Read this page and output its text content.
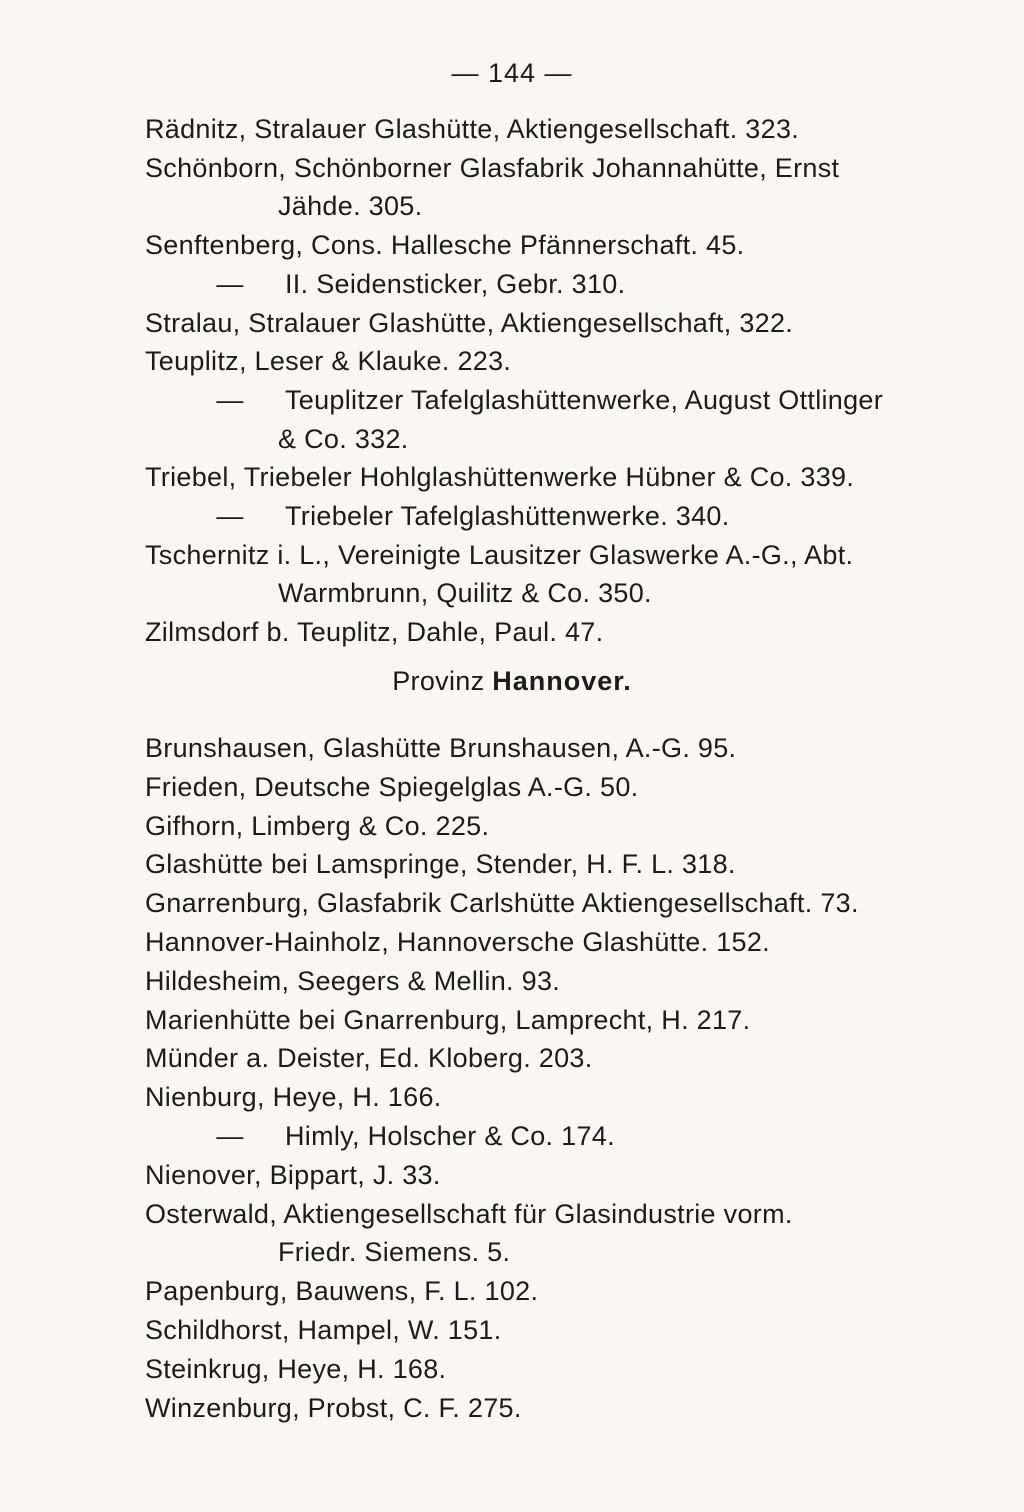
— 144 —
Rädnitz, Stralauer Glashütte, Aktiengesellschaft. 323.
Schönborn, Schönborner Glasfabrik Johannahütte, Ernst
Jähde. 305.
Senftenberg, Cons. Hallesche Pfännerschaft. 45.
— II. Seidensticker, Gebr. 310.
Stralau, Stralauer Glashütte, Aktiengesellschaft, 322.
Teuplitz, Leser & Klauke. 223.
— Teuplitzer Tafelglashüttenwerke, August Ottlinger
& Co. 332.
Triebel, Triebeler Hohlglashüttenwerke Hübner & Co. 339.
— Triebeler Tafelglashüttenwerke. 340.
Tschernitz i. L., Vereinigte Lausitzer Glaswerke A.-G., Abt.
Warmbrunn, Quilitz & Co. 350.
Zilmsdorf b. Teuplitz, Dahle, Paul. 47.
Provinz Hannover.
Brunshausen, Glashütte Brunshausen, A.-G. 95.
Frieden, Deutsche Spiegelglas A.-G. 50.
Gifhorn, Limberg & Co. 225.
Glashütte bei Lamspringe, Stender, H. F. L. 318.
Gnarrenburg, Glasfabrik Carlshütte Aktiengesellschaft. 73.
Hannover-Hainholz, Hannoversche Glashütte. 152.
Hildesheim, Seegers & Mellin. 93.
Marienhütte bei Gnarrenburg, Lamprecht, H. 217.
Münder a. Deister, Ed. Kloberg. 203.
Nienburg, Heye, H. 166.
— Himly, Holscher & Co. 174.
Nienover, Bippart, J. 33.
Osterwald, Aktiengesellschaft für Glasindustrie vorm.
Friedr. Siemens. 5.
Papenburg, Bauwens, F. L. 102.
Schildhorst, Hampel, W. 151.
Steinkrug, Heye, H. 168.
Winzenburg, Probst, C. F. 275.
